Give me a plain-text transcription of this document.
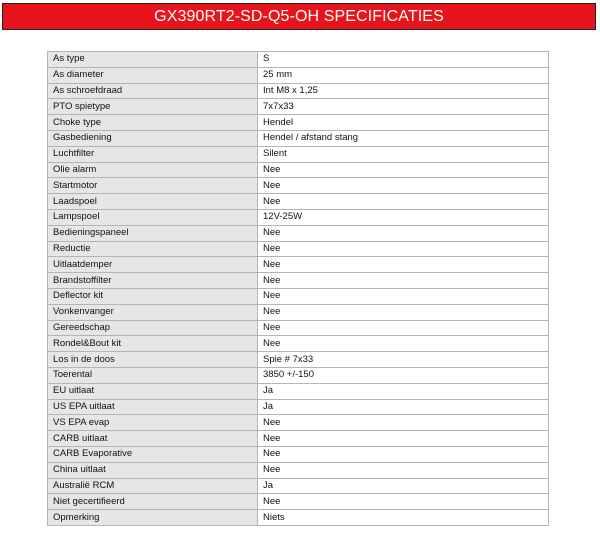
GX390RT2-SD-Q5-OH SPECIFICATIES
As type	S
As diameter	25 mm
As schroefdraad	Int M8 x 1,25
PTO spietype	7x7x33
Choke type	Hendel
Gasbediening	Hendel / afstand stang
Luchtfilter	Silent
Olie alarm	Nee
Startmotor	Nee
Laadspoel	Nee
Lampspoel	12V-25W
Bedieningspaneel	Nee
Reductie	Nee
Uitlaatdemper	Nee
Brandstoffilter	Nee
Deflector kit	Nee
Vonkenvanger	Nee
Gereedschap	Nee
Rondel&Bout kit	Nee
Los in de doos	Spie # 7x33
Toerental	3850 +/-150
EU uitlaat	Ja
US EPA uitlaat	Ja
VS EPA evap	Nee
CARB uitlaat	Nee
CARB Evaporative	Nee
China uitlaat	Nee
Australië RCM	Ja
Niet gecertifieerd	Nee
Opmerking	Niets
